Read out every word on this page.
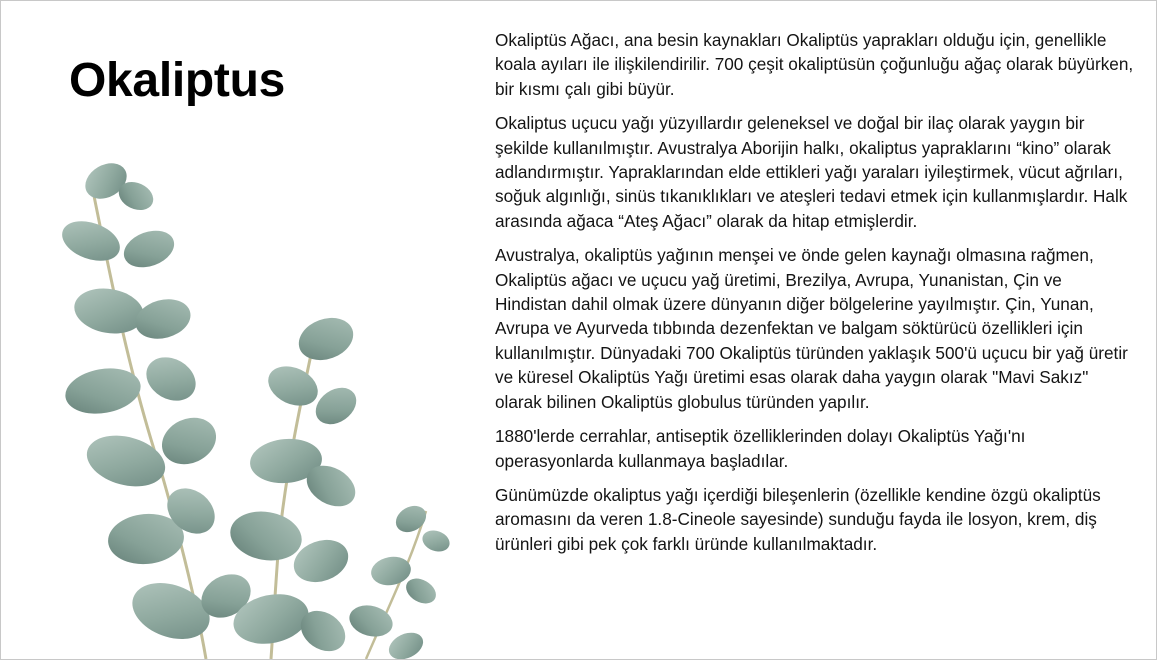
Okaliptus

Okaliptüs Ağacı, ana besin kaynakları Okaliptüs yaprakları olduğu için, genellikle koala ayıları ile ilişkilendirilir. 700 çeşit okaliptüsün çoğunluğu ağaç olarak büyürken, bir kısmı çalı gibi büyür.

Okaliptus uçucu yağı yüzyıllardır geleneksel ve doğal bir ilaç olarak yaygın bir şekilde kullanılmıştır. Avustralya Aborijin halkı, okaliptus yapraklarını “kino” olarak adlandırmıştır. Yapraklarından elde ettikleri yağı yaraları iyileştirmek, vücut ağrıları, soğuk algınlığı, sinüs tıkanıklıkları ve ateşleri tedavi etmek için kullanmışlardır. Halk arasında ağaca “Ateş Ağacı” olarak da hitap etmişlerdir.

Avustralya, okaliptüs yağının menşei ve önde gelen kaynağı olmasına rağmen, Okaliptüs ağacı ve uçucu yağ üretimi, Brezilya, Avrupa, Yunanistan, Çin ve Hindistan dahil olmak üzere dünyanın diğer bölgelerine yayılmıştır. Çin, Yunan, Avrupa ve Ayurveda tıbbında dezenfektan ve balgam söktürücü özellikleri için kullanılmıştır. Dünyadaki 700 Okaliptüs türünden yaklaşık 500'ü uçucu bir yağ üretir ve küresel Okaliptüs Yağı üretimi esas olarak daha yaygın olarak "Mavi Sakız" olarak bilinen Okaliptüs globulus türünden yapılır.

1880'lerde cerrahlar, antiseptik özelliklerinden dolayı Okaliptüs Yağı'nı operasyonlarda kullanmaya başladılar.

Günümüzde okaliptus yağı içerdiği bileşenlerin (özellikle kendine özgü okaliptüs aromasını da veren 1.8-Cineole sayesinde) sunduğu fayda ile losyon, krem, diş ürünleri gibi pek çok farklı üründe kullanılmaktadır.
